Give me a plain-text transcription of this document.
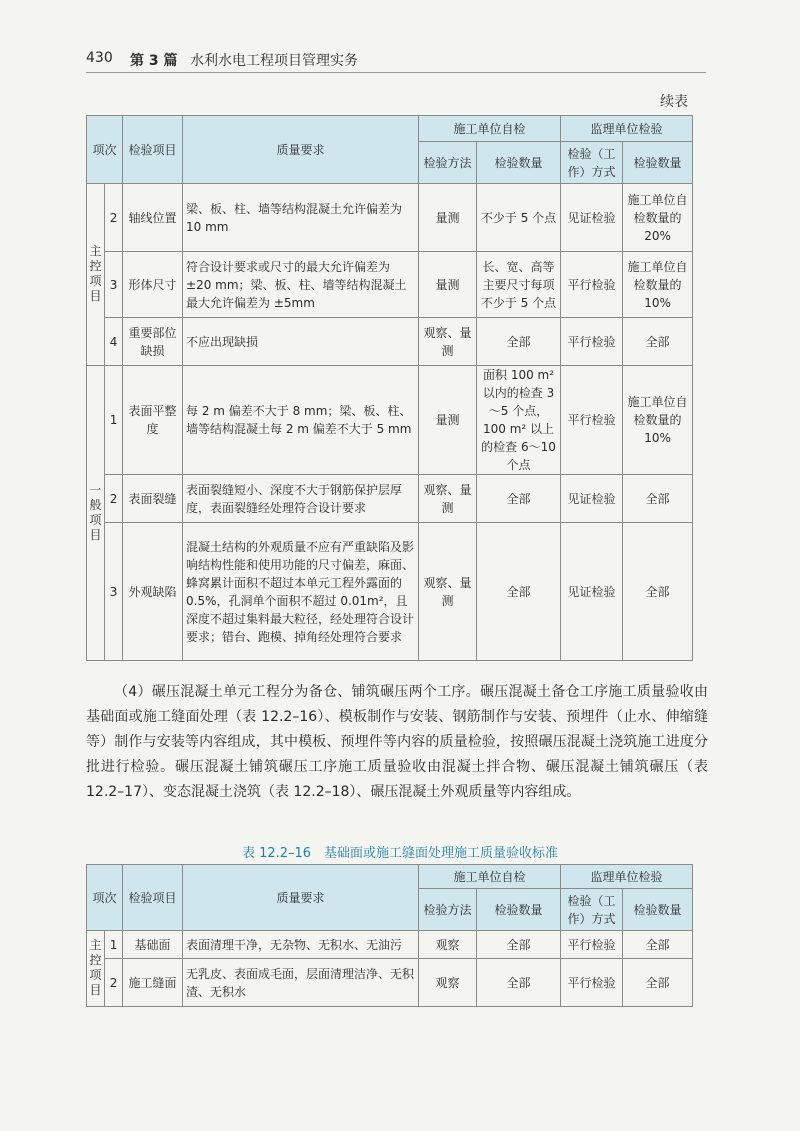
430 第 3 篇 水利水电工程项目管理实务
续表
项次		检验项目	质量要求	施工单位自检		监理单位检验	
				检验方法	检验数量	检验（工作）方式	检验数量
主控项目	2	轴线位置	梁、板、柱、墙等结构混凝土允许偏差为10 mm	量测	不少于 5 个点	见证检验	施工单位自检数量的 20%
	3	形体尺寸	符合设计要求或尺寸的最大允许偏差为±20 mm；梁、板、柱、墙等结构混凝土最大允许偏差为 ±5mm	量测	长、宽、高等主要尺寸每项不少于 5 个点	平行检验	施工单位自检数量的 10%
	4	重要部位缺损	不应出现缺损	观察、量测	全部	平行检验	全部
一般项目	1	表面平整度	每 2 m 偏差不大于 8 mm；梁、板、柱、墙等结构混凝土每 2 m 偏差不大于 5 mm	量测	面积 100 m² 以内的检查 3～5 个点，100 m² 以上的检查 6～10 个点	平行检验	施工单位自检数量的 10%
	2	表面裂缝	表面裂缝短小、深度不大于钢筋保护层厚度，表面裂缝经处理符合设计要求	观察、量测	全部	见证检验	全部
	3	外观缺陷	混凝土结构的外观质量不应有严重缺陷及影响结构性能和使用功能的尺寸偏差，麻面、蜂窝累计面积不超过本单元工程外露面的 0.5%，孔洞单个面积不超过 0.01m²，且深度不超过集料最大粒径，经处理符合设计要求；错台、跑模、掉角经处理符合要求	观察、量测	全部	见证检验	全部

（4）碾压混凝土单元工程分为备仓、铺筑碾压两个工序。碾压混凝土备仓工序施工质量验收由基础面或施工缝面处理（表 12.2–16）、模板制作与安装、钢筋制作与安装、预埋件（止水、伸缩缝等）制作与安装等内容组成，其中模板、预埋件等内容的质量检验，按照碾压混凝土浇筑施工进度分批进行检验。碾压混凝土铺筑碾压工序施工质量验收由混凝土拌合物、碾压混凝土铺筑碾压（表 12.2–17）、变态混凝土浇筑（表 12.2–18）、碾压混凝土外观质量等内容组成。

表 12.2–16　基础面或施工缝面处理施工质量验收标准
项次		检验项目	质量要求	施工单位自检		监理单位检验	
				检验方法	检验数量	检验（工作）方式	检验数量
主控项目	1	基础面	表面清理干净，无杂物、无积水、无油污	观察	全部	平行检验	全部
	2	施工缝面	无乳皮、表面成毛面，层面清理洁净、无积渣、无积水	观察	全部	平行检验	全部
